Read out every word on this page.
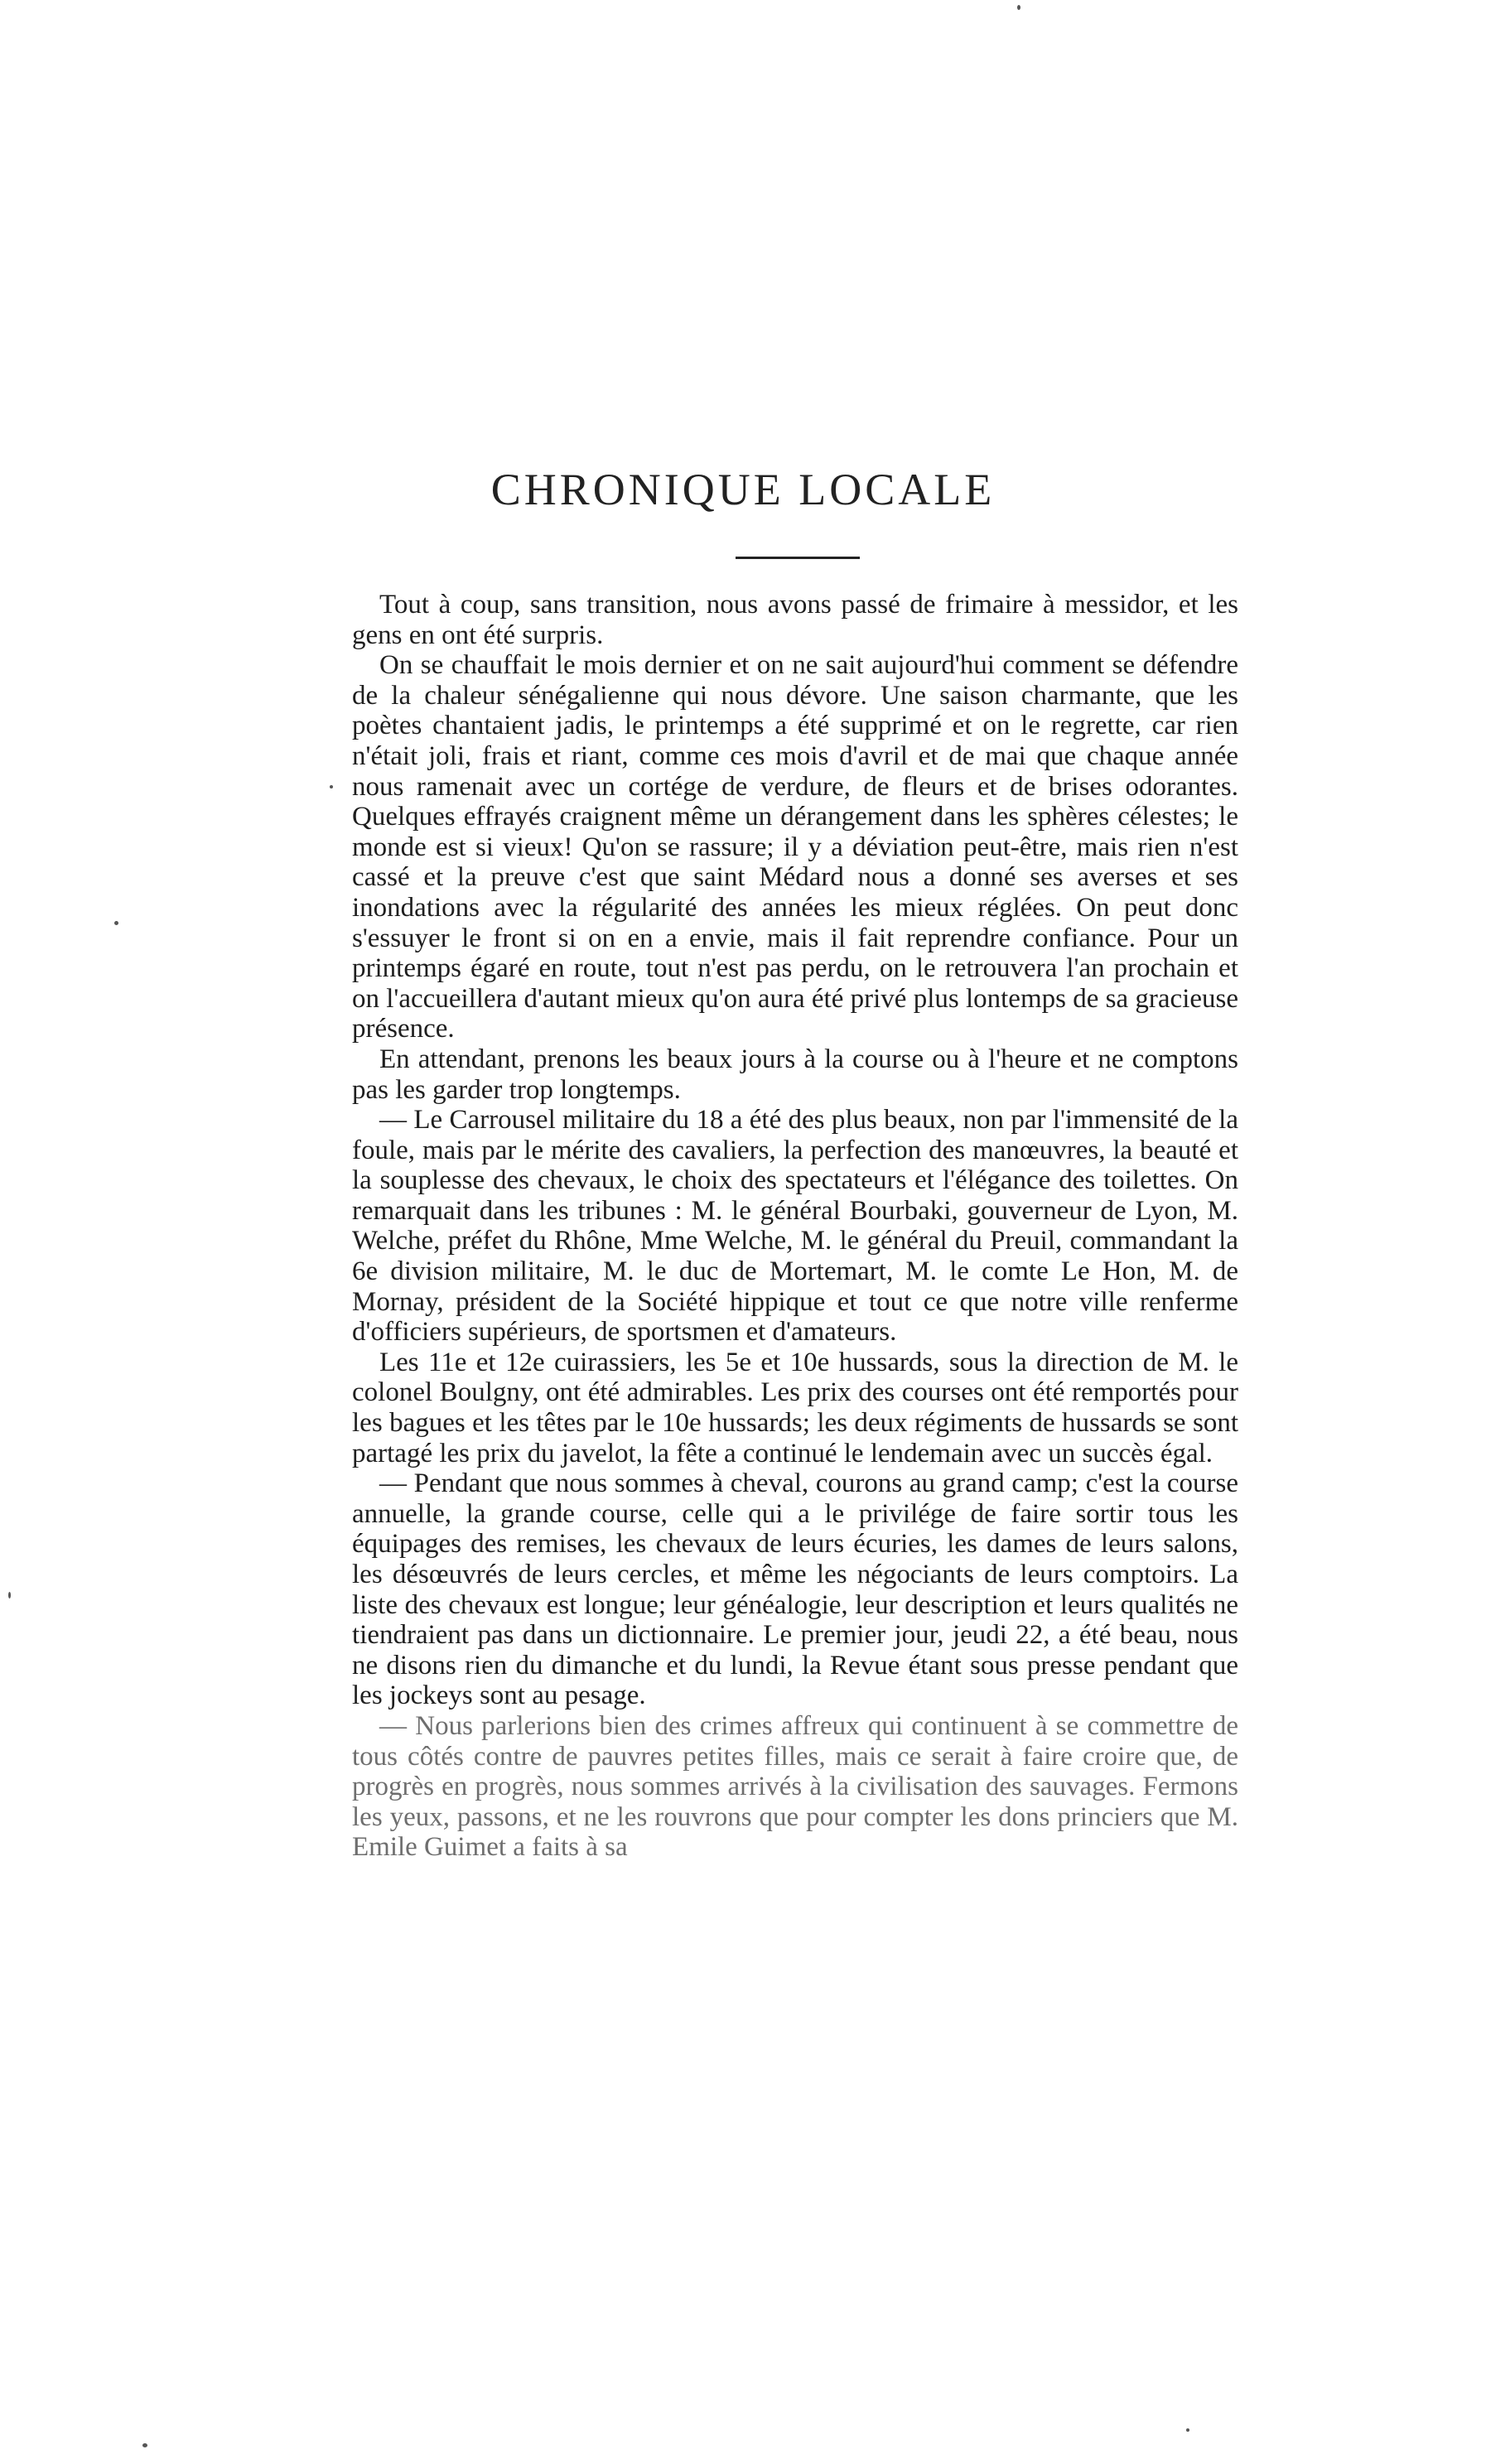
CHRONIQUE LOCALE

Tout à coup, sans transition, nous avons passé de frimaire à messidor, et les gens en ont été surpris.

On se chauffait le mois dernier et on ne sait aujourd'hui comment se défendre de la chaleur sénégalienne qui nous dévore. Une saison charmante, que les poètes chantaient jadis, le printemps a été supprimé et on le regrette, car rien n'était joli, frais et riant, comme ces mois d'avril et de mai que chaque année nous ramenait avec un cortége de verdure, de fleurs et de brises odorantes. Quelques effrayés craignent même un dérangement dans les sphères célestes; le monde est si vieux! Qu'on se rassure; il y a déviation peut-être, mais rien n'est cassé et la preuve c'est que saint Médard nous a donné ses averses et ses inondations avec la régularité des années les mieux réglées. On peut donc s'essuyer le front si on en a envie, mais il fait reprendre confiance. Pour un printemps égaré en route, tout n'est pas perdu, on le retrouvera l'an prochain et on l'accueillera d'autant mieux qu'on aura été privé plus lontemps de sa gracieuse présence.

En attendant, prenons les beaux jours à la course ou à l'heure et ne comptons pas les garder trop longtemps.

— Le Carrousel militaire du 18 a été des plus beaux, non par l'immensité de la foule, mais par le mérite des cavaliers, la perfection des manœuvres, la beauté et la souplesse des chevaux, le choix des spectateurs et l'élégance des toilettes. On remarquait dans les tribunes : M. le général Bourbaki, gouverneur de Lyon, M. Welche, préfet du Rhône, Mme Welche, M. le général du Preuil, commandant la 6e division militaire, M. le duc de Mortemart, M. le comte Le Hon, M. de Mornay, président de la Société hippique et tout ce que notre ville renferme d'officiers supérieurs, de sportsmen et d'amateurs.

Les 11e et 12e cuirassiers, les 5e et 10e hussards, sous la direction de M. le colonel Boulgny, ont été admirables. Les prix des courses ont été remportés pour les bagues et les têtes par le 10e hussards; les deux régiments de hussards se sont partagé les prix du javelot, la fête a continué le lendemain avec un succès égal.

— Pendant que nous sommes à cheval, courons au grand camp; c'est la course annuelle, la grande course, celle qui a le privilége de faire sortir tous les équipages des remises, les chevaux de leurs écuries, les dames de leurs salons, les désœuvrés de leurs cercles, et même les négociants de leurs comptoirs. La liste des chevaux est longue; leur généalogie, leur description et leurs qualités ne tiendraient pas dans un dictionnaire. Le premier jour, jeudi 22, a été beau, nous ne disons rien du dimanche et du lundi, la Revue étant sous presse pendant que les jockeys sont au pesage.

— Nous parlerions bien des crimes affreux qui continuent à se commettre de tous côtés contre de pauvres petites filles, mais ce serait à faire croire que, de progrès en progrès, nous sommes arrivés à la civilisation des sauvages. Fermons les yeux, passons, et ne les rouvrons que pour compter les dons princiers que M. Emile Guimet a faits à sa
